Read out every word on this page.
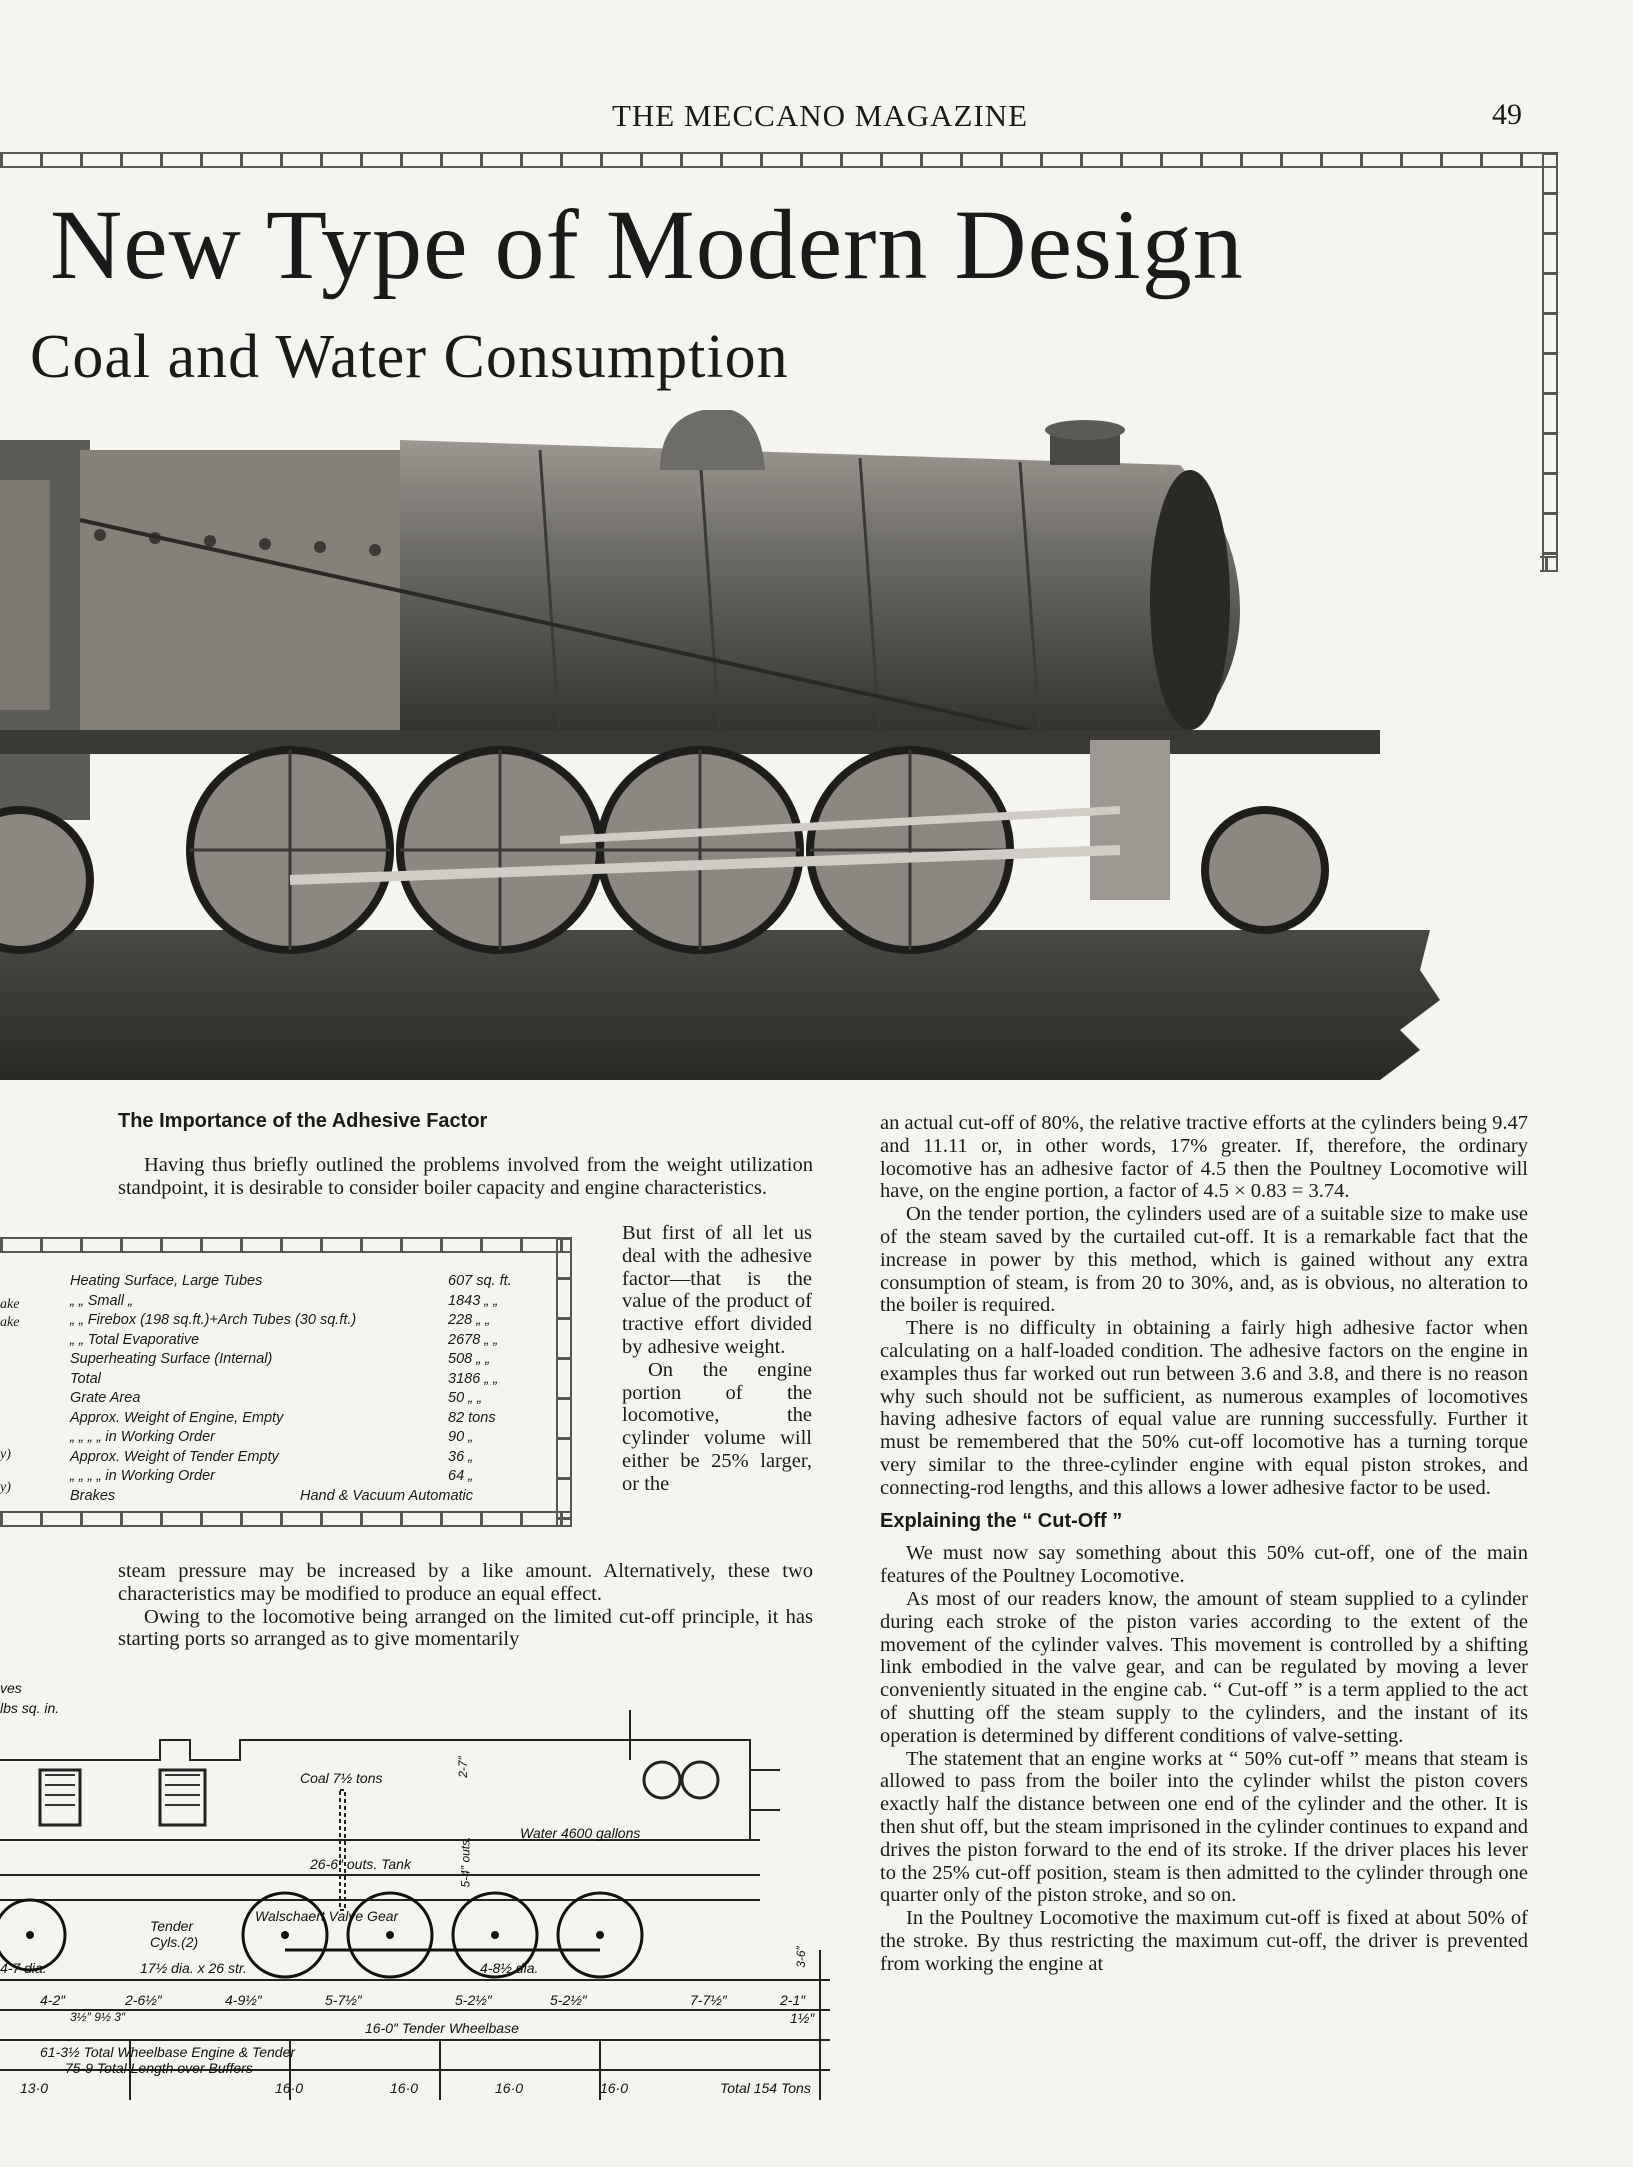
THE MECCANO MAGAZINE	49
New Type of Modern Design
Coal and Water Consumption
The Importance of the Adhesive Factor

Having thus briefly outlined the problems involved from the weight utilization standpoint, it is desirable to consider boiler capacity and engine characteristics.

Heating Surface, Large Tubes	607 sq. ft.
„ „ Small „	1843 „ „
„ „ Firebox (198 sq.ft.)+Arch Tubes (30 sq.ft.)	228 „ „
„ „ Total Evaporative	2678 „ „
Superheating Surface (Internal)	508 „ „
Total	3186 „ „
Grate Area	50 „ „
Approx. Weight of Engine, Empty	82 tons
„ „ „ „ in Working Order	90 „
Approx. Weight of Tender Empty	36 „
„ „ „ „ in Working Order	64 „
Brakes	Hand & Vacuum Automatic
ake
ake
y)
y)

But first of all let us deal with the adhesive factor—that is the value of the product of tractive effort divided by adhesive weight.

On the engine portion of the locomotive, the cylinder volume will either be 25% larger, or the

steam pressure may be increased by a like amount. Alternatively, these two characteristics may be modified to produce an equal effect.

Owing to the locomotive being arranged on the limited cut-off principle, it has starting ports so arranged as to give momentarily

an actual cut-off of 80%, the relative tractive efforts at the cylinders being 9.47 and 11.11 or, in other words, 17% greater. If, therefore, the ordinary locomotive has an adhesive factor of 4.5 then the Poultney Locomotive will have, on the engine portion, a factor of 4.5 × 0.83 = 3.74.

On the tender portion, the cylinders used are of a suitable size to make use of the steam saved by the curtailed cut-off. It is a remarkable fact that the increase in power by this method, which is gained without any extra consumption of steam, is from 20 to 30%, and, as is obvious, no alteration to the boiler is required.

There is no difficulty in obtaining a fairly high adhesive factor when calculating on a half-loaded condition. The adhesive factors on the engine in examples thus far worked out run between 3.6 and 3.8, and there is no reason why such should not be sufficient, as numerous examples of locomotives having adhesive factors of equal value are running successfully. Further it must be remembered that the 50% cut-off locomotive has a turning torque very similar to the three-cylinder engine with equal piston strokes, and connecting-rod lengths, and this allows a lower adhesive factor to be used.

Explaining the “ Cut-Off ”

We must now say something about this 50% cut-off, one of the main features of the Poultney Locomotive.

As most of our readers know, the amount of steam supplied to a cylinder during each stroke of the piston varies according to the extent of the movement of the cylinder valves. This movement is controlled by a shifting link embodied in the valve gear, and can be regulated by moving a lever conveniently situated in the engine cab. “ Cut-off ” is a term applied to the act of shutting off the steam supply to the cylinders, and the instant of its operation is determined by different conditions of valve-setting.

The statement that an engine works at “ 50% cut-off ” means that steam is allowed to pass from the boiler into the cylinder whilst the piston covers exactly half the distance between one end of the cylinder and the other. It is then shut off, but the steam imprisoned in the cylinder continues to expand and drives the piston forward to the end of its stroke. If the driver places his lever to the 25% cut-off position, steam is then admitted to the cylinder through one quarter only of the piston stroke, and so on.

In the Poultney Locomotive the maximum cut-off is fixed at about 50% of the stroke. By thus restricting the maximum cut-off, the driver is prevented from working the engine at

ves
lbs sq. in.
Coal 7½ tons
2-7″
Water 4600 gallons
26-6″ outs. Tank	5-4″ outs.
Walschaert Valve Gear
Tender Cyls.(2)
4-7 dia.	17½ dia. x 26 str.	4-8½ dia.
3-6″
4-2″	2-6½″	4-9½″	5-7½″	5-2½″	5-2½″	7-7½″	2-1″
1½″
3½″ 9½ 3″
16-0″ Tender Wheelbase
61-3½ Total Wheelbase Engine & Tender
75-9 Total Length over Buffers
13·0	16·0	16·0	16·0	16·0	Total 154 Tons
